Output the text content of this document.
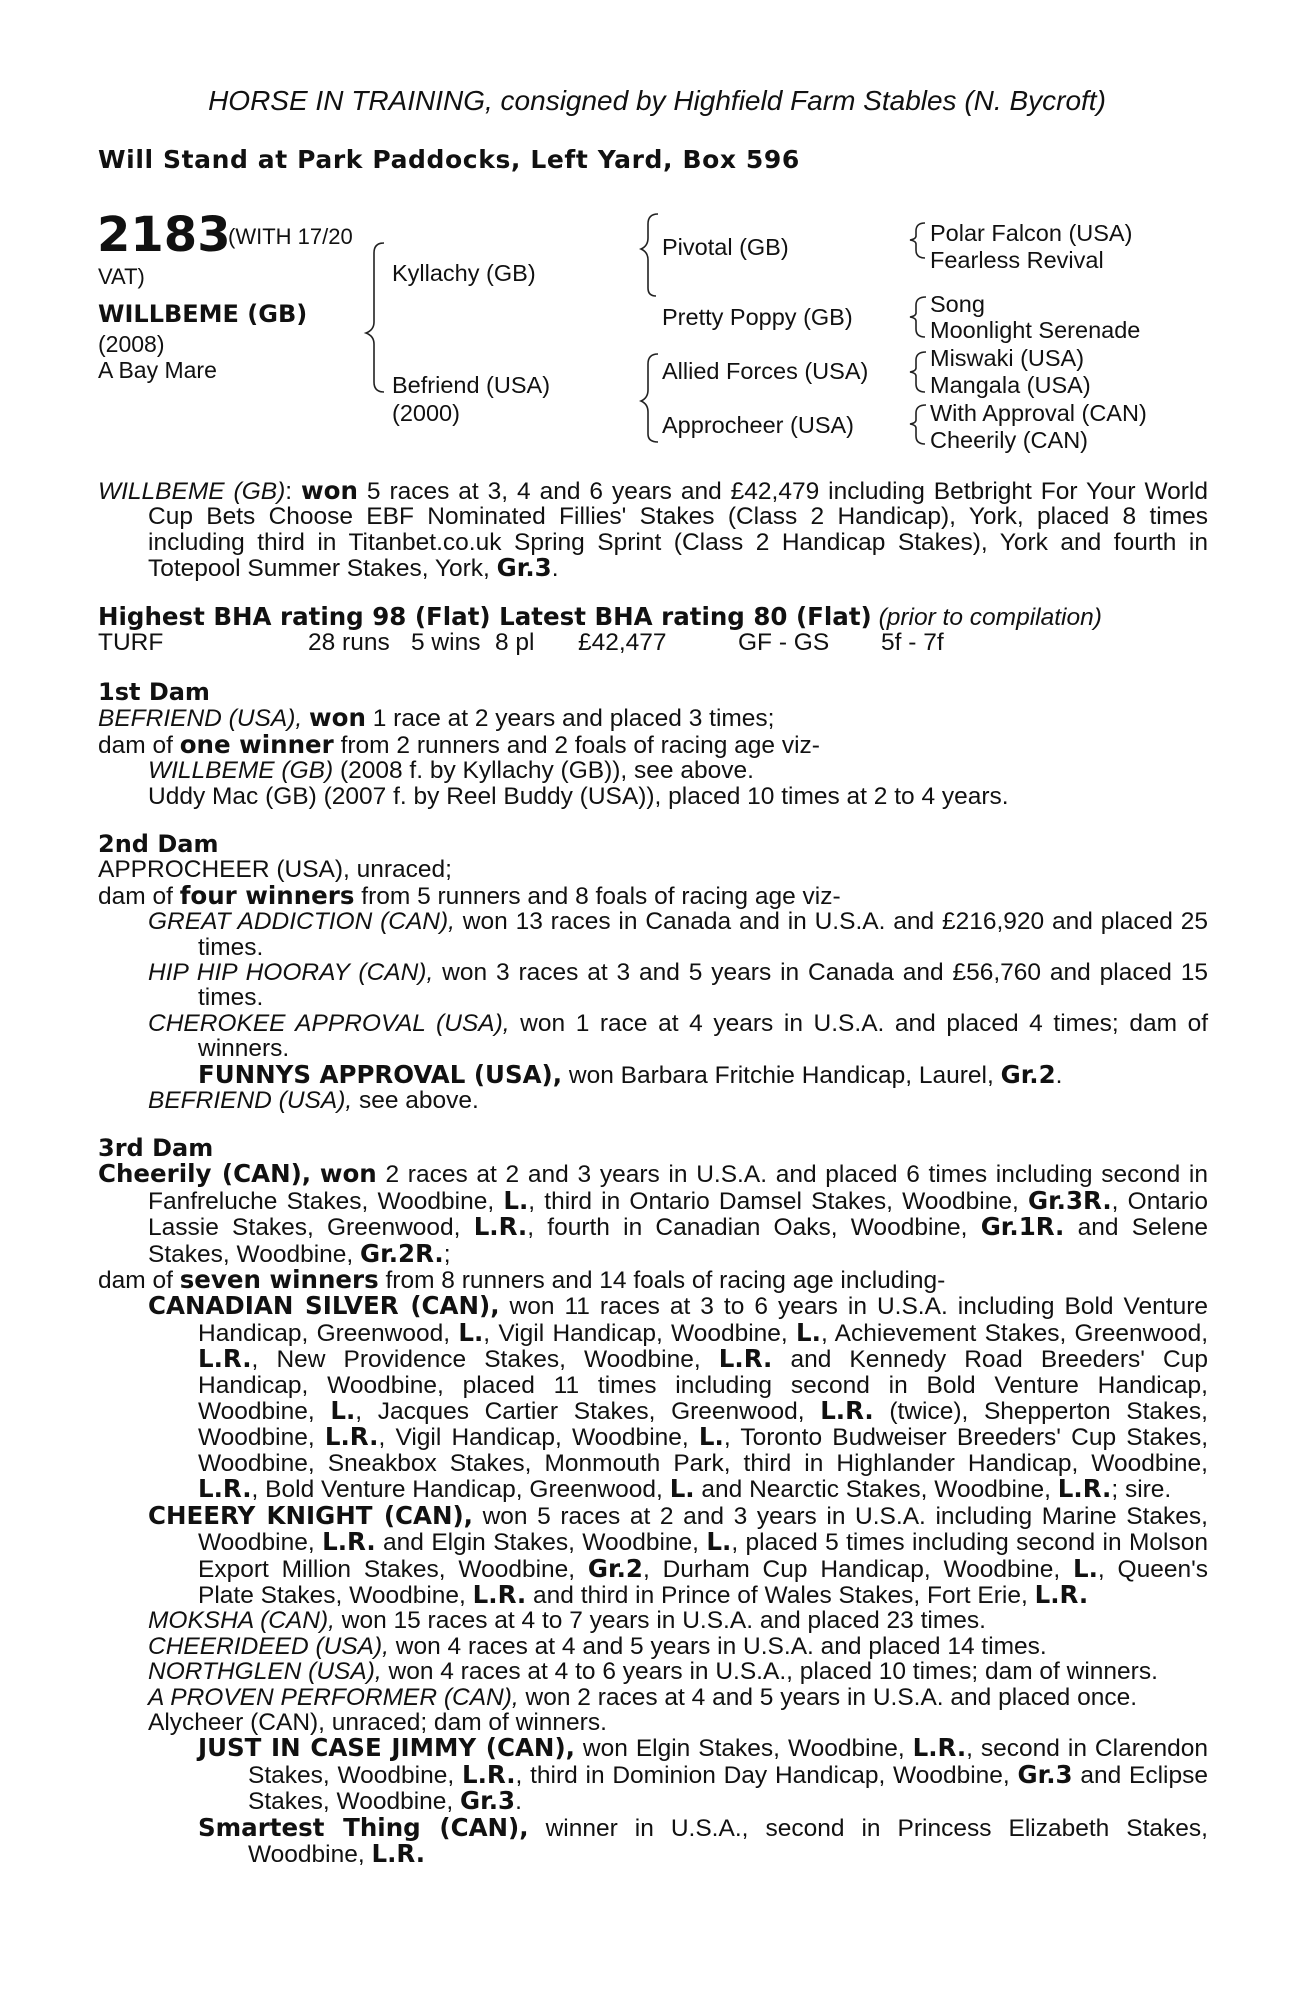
HORSE IN TRAINING, consigned by Highfield Farm Stables (N. Bycroft)
Will Stand at Park Paddocks, Left Yard, Box 596
2183
(WITH 17/20
VAT)
WILLBEME (GB)
(2008)
A Bay Mare
Kyllachy (GB)
Befriend (USA)
(2000)
Pivotal (GB)
Pretty Poppy (GB)
Allied Forces (USA)
Approcheer (USA)
Polar Falcon (USA)
Fearless Revival
Song
Moonlight Serenade
Miswaki (USA)
Mangala (USA)
With Approval (CAN)
Cheerily (CAN)

WILLBEME (GB): won 5 races at 3, 4 and 6 years and £42,479 including Betbright For Your World Cup Bets Choose EBF Nominated Fillies' Stakes (Class 2 Handicap), York, placed 8 times including third in Titanbet.co.uk Spring Sprint (Class 2 Handicap Stakes), York and fourth in Totepool Summer Stakes, York, Gr.3.

Highest BHA rating 98 (Flat) Latest BHA rating 80 (Flat) (prior to compilation)

TURF	28 runs 5 wins 8 pl £42,477	GF - GS 5f - 7f

1st Dam

BEFRIEND (USA), won 1 race at 2 years and placed 3 times;

dam of one winner from 2 runners and 2 foals of racing age viz-

WILLBEME (GB) (2008 f. by Kyllachy (GB)), see above.

Uddy Mac (GB) (2007 f. by Reel Buddy (USA)), placed 10 times at 2 to 4 years.

2nd Dam

APPROCHEER (USA), unraced;

dam of four winners from 5 runners and 8 foals of racing age viz-

GREAT ADDICTION (CAN), won 13 races in Canada and in U.S.A. and £216,920 and placed 25 times.

HIP HIP HOORAY (CAN), won 3 races at 3 and 5 years in Canada and £56,760 and placed 15 times.

CHEROKEE APPROVAL (USA), won 1 race at 4 years in U.S.A. and placed 4 times; dam of winners.

FUNNYS APPROVAL (USA), won Barbara Fritchie Handicap, Laurel, Gr.2.

BEFRIEND (USA), see above.

3rd Dam

Cheerily (CAN), won 2 races at 2 and 3 years in U.S.A. and placed 6 times including second in Fanfreluche Stakes, Woodbine, L., third in Ontario Damsel Stakes, Woodbine, Gr.3R., Ontario Lassie Stakes, Greenwood, L.R., fourth in Canadian Oaks, Woodbine, Gr.1R. and Selene Stakes, Woodbine, Gr.2R.;

dam of seven winners from 8 runners and 14 foals of racing age including-

CANADIAN SILVER (CAN), won 11 races at 3 to 6 years in U.S.A. including Bold Venture Handicap, Greenwood, L., Vigil Handicap, Woodbine, L., Achievement Stakes, Greenwood, L.R., New Providence Stakes, Woodbine, L.R. and Kennedy Road Breeders' Cup Handicap, Woodbine, placed 11 times including second in Bold Venture Handicap, Woodbine, L., Jacques Cartier Stakes, Greenwood, L.R. (twice), Shepperton Stakes, Woodbine, L.R., Vigil Handicap, Woodbine, L., Toronto Budweiser Breeders' Cup Stakes, Woodbine, Sneakbox Stakes, Monmouth Park, third in Highlander Handicap, Woodbine, L.R., Bold Venture Handicap, Greenwood, L. and Nearctic Stakes, Woodbine, L.R.; sire.

CHEERY KNIGHT (CAN), won 5 races at 2 and 3 years in U.S.A. including Marine Stakes, Woodbine, L.R. and Elgin Stakes, Woodbine, L., placed 5 times including second in Molson Export Million Stakes, Woodbine, Gr.2, Durham Cup Handicap, Woodbine, L., Queen's Plate Stakes, Woodbine, L.R. and third in Prince of Wales Stakes, Fort Erie, L.R.

MOKSHA (CAN), won 15 races at 4 to 7 years in U.S.A. and placed 23 times.

CHEERIDEED (USA), won 4 races at 4 and 5 years in U.S.A. and placed 14 times.

NORTHGLEN (USA), won 4 races at 4 to 6 years in U.S.A., placed 10 times; dam of winners.

A PROVEN PERFORMER (CAN), won 2 races at 4 and 5 years in U.S.A. and placed once.

Alycheer (CAN), unraced; dam of winners.

JUST IN CASE JIMMY (CAN), won Elgin Stakes, Woodbine, L.R., second in Clarendon Stakes, Woodbine, L.R., third in Dominion Day Handicap, Woodbine, Gr.3 and Eclipse Stakes, Woodbine, Gr.3.

Smartest Thing (CAN), winner in U.S.A., second in Princess Elizabeth Stakes, Woodbine, L.R.
